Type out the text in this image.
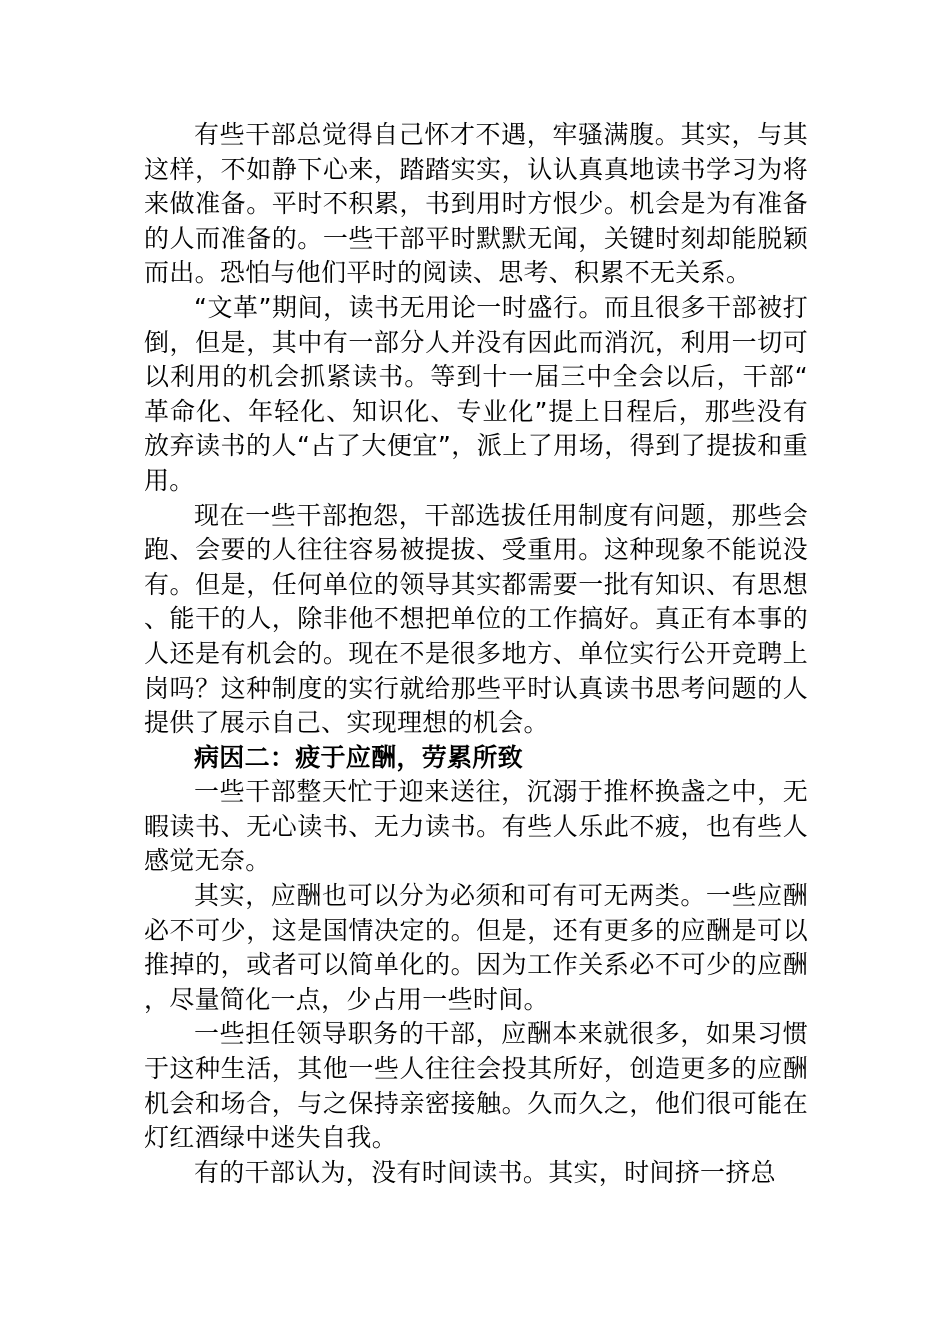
有些干部总觉得自己怀才不遇，牢骚满腹。其实，与其这样，不如静下心来，踏踏实实，认认真真地读书学习为将来做准备。平时不积累，书到用时方恨少。机会是为有准备的人而准备的。一些干部平时默默无闻，关键时刻却能脱颖而出。恐怕与他们平时的阅读、思考、积累不无关系。

“文革”期间，读书无用论一时盛行。而且很多干部被打倒，但是，其中有一部分人并没有因此而消沉，利用一切可以利用的机会抓紧读书。等到十一届三中全会以后，干部“革命化、年轻化、知识化、专业化”提上日程后，那些没有放弃读书的人“占了大便宜”，派上了用场，得到了提拔和重用。

现在一些干部抱怨，干部选拔任用制度有问题，那些会跑、会要的人往往容易被提拔、受重用。这种现象不能说没有。但是，任何单位的领导其实都需要一批有知识、有思想、能干的人，除非他不想把单位的工作搞好。真正有本事的人还是有机会的。现在不是很多地方、单位实行公开竞聘上岗吗？这种制度的实行就给那些平时认真读书思考问题的人提供了展示自己、实现理想的机会。

病因二：疲于应酬，劳累所致

一些干部整天忙于迎来送往，沉溺于推杯换盏之中，无暇读书、无心读书、无力读书。有些人乐此不疲，也有些人感觉无奈。

其实，应酬也可以分为必须和可有可无两类。一些应酬必不可少，这是国情决定的。但是，还有更多的应酬是可以推掉的，或者可以简单化的。因为工作关系必不可少的应酬，尽量简化一点，少占用一些时间。

一些担任领导职务的干部，应酬本来就很多，如果习惯于这种生活，其他一些人往往会投其所好，创造更多的应酬机会和场合，与之保持亲密接触。久而久之，他们很可能在灯红酒绿中迷失自我。

有的干部认为，没有时间读书。其实，时间挤一挤总
